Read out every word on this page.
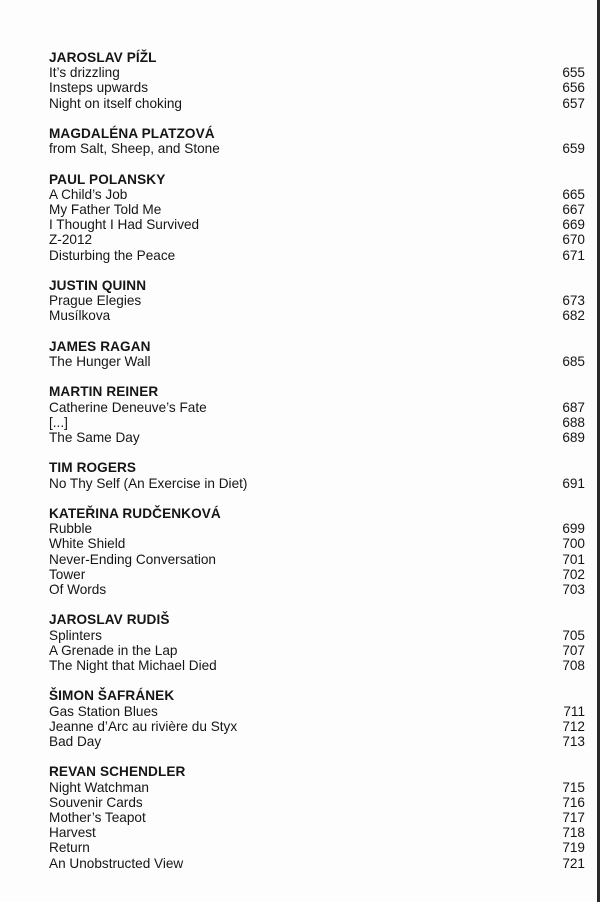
JAROSLAV PÍŽL
It’s drizzling	655
Insteps upwards	656
Night on itself choking	657
MAGDALÉNA PLATZOVÁ
from Salt, Sheep, and Stone	659
PAUL POLANSKY
A Child’s Job	665
My Father Told Me	667
I Thought I Had Survived	669
Z-2012	670
Disturbing the Peace	671
JUSTIN QUINN
Prague Elegies	673
Musílkova	682
JAMES RAGAN
The Hunger Wall	685
MARTIN REINER
Catherine Deneuve’s Fate	687
[...]	688
The Same Day	689
TIM ROGERS
No Thy Self (An Exercise in Diet)	691
KATEŘINA RUDČENKOVÁ
Rubble	699
White Shield	700
Never-Ending Conversation	701
Tower	702
Of Words	703
JAROSLAV RUDIŠ
Splinters	705
A Grenade in the Lap	707
The Night that Michael Died	708
ŠIMON ŠAFRÁNEK
Gas Station Blues	711
Jeanne d’Arc au rivière du Styx	712
Bad Day	713
REVAN SCHENDLER
Night Watchman	715
Souvenir Cards	716
Mother’s Teapot	717
Harvest	718
Return	719
An Unobstructed View	721
